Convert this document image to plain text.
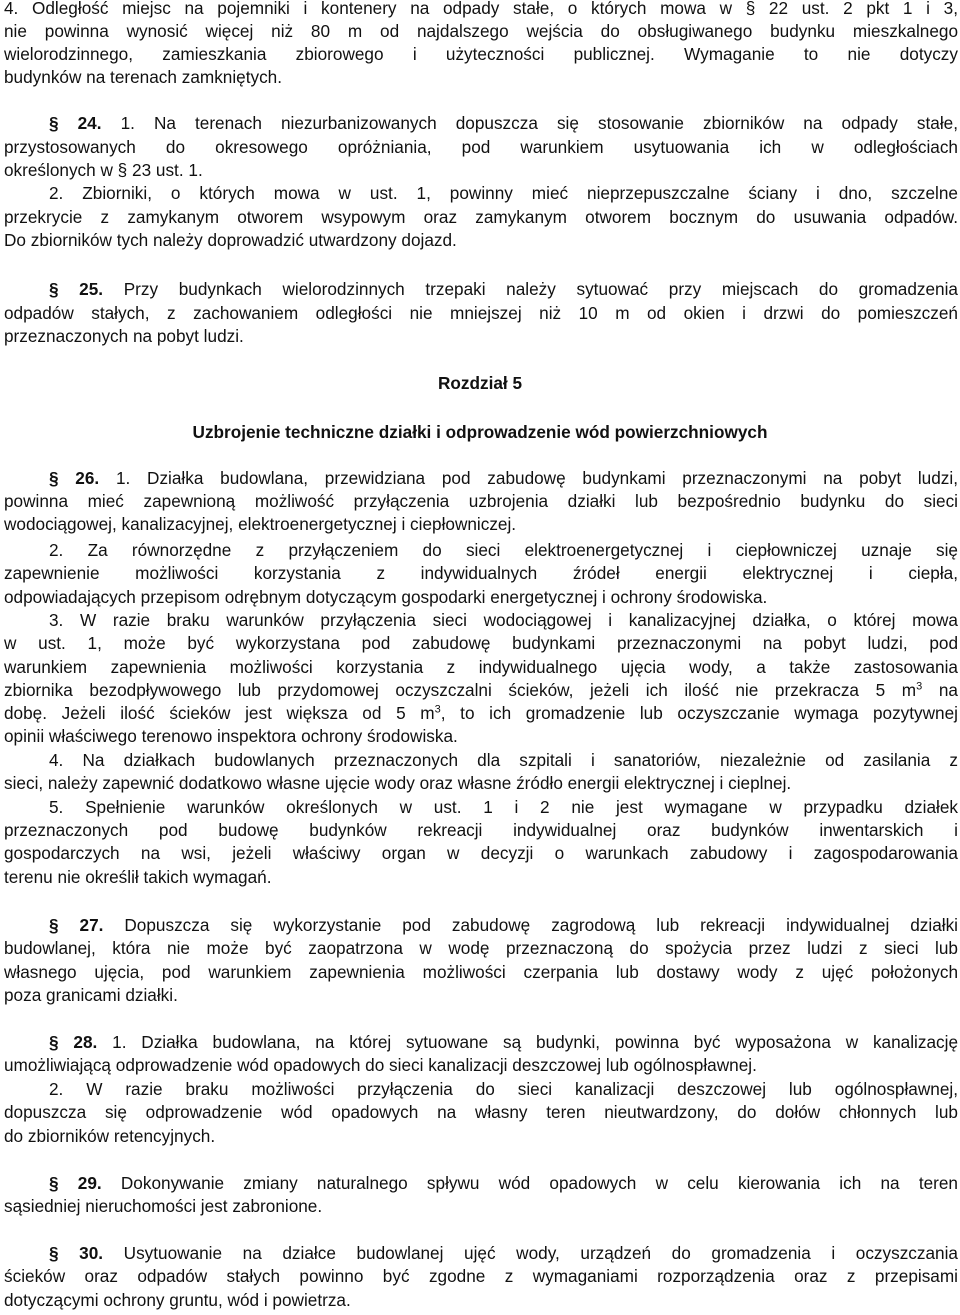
4. Odległość miejsc na pojemniki i kontenery na odpady stałe, o których mowa w § 22 ust. 2 pkt 1 i 3,
nie powinna wynosić więcej niż 80 m od najdalszego wejścia do obsługiwanego budynku mieszkalnego
wielorodzinnego, zamieszkania zbiorowego i użyteczności publicznej. Wymaganie to nie dotyczy
budynków na terenach zamkniętych.
§ 24. 1. Na terenach niezurbanizowanych dopuszcza się stosowanie zbiorników na odpady stałe,
przystosowanych do okresowego opróżniania, pod warunkiem usytuowania ich w odległościach
określonych w § 23 ust. 1.
2. Zbiorniki, o których mowa w ust. 1, powinny mieć nieprzepuszczalne ściany i dno, szczelne
przekrycie z zamykanym otworem wsypowym oraz zamykanym otworem bocznym do usuwania odpadów.
Do zbiorników tych należy doprowadzić utwardzony dojazd.
§ 25. Przy budynkach wielorodzinnych trzepaki należy sytuować przy miejscach do gromadzenia
odpadów stałych, z zachowaniem odległości nie mniejszej niż 10 m od okien i drzwi do pomieszczeń
przeznaczonych na pobyt ludzi.
Rozdział 5
Uzbrojenie techniczne działki i odprowadzenie wód powierzchniowych
§ 26. 1. Działka budowlana, przewidziana pod zabudowę budynkami przeznaczonymi na pobyt ludzi,
powinna mieć zapewnioną możliwość przyłączenia uzbrojenia działki lub bezpośrednio budynku do sieci
wodociągowej, kanalizacyjnej, elektroenergetycznej i ciepłowniczej.
2. Za równorzędne z przyłączeniem do sieci elektroenergetycznej i ciepłowniczej uznaje się
zapewnienie możliwości korzystania z indywidualnych źródeł energii elektrycznej i ciepła,
odpowiadających przepisom odrębnym dotyczącym gospodarki energetycznej i ochrony środowiska.
3. W razie braku warunków przyłączenia sieci wodociągowej i kanalizacyjnej działka, o której mowa
w ust. 1, może być wykorzystana pod zabudowę budynkami przeznaczonymi na pobyt ludzi, pod
warunkiem zapewnienia możliwości korzystania z indywidualnego ujęcia wody, a także zastosowania
zbiornika bezodpływowego lub przydomowej oczyszczalni ścieków, jeżeli ich ilość nie przekracza 5 $m^3$ na
dobę. Jeżeli ilość ścieków jest większa od 5 $m^3$, to ich gromadzenie lub oczyszczanie wymaga pozytywnej
opinii właściwego terenowo inspektora ochrony środowiska.
4. Na działkach budowlanych przeznaczonych dla szpitali i sanatoriów, niezależnie od zasilania z
sieci, należy zapewnić dodatkowo własne ujęcie wody oraz własne źródło energii elektrycznej i cieplnej.
5. Spełnienie warunków określonych w ust. 1 i 2 nie jest wymagane w przypadku działek
przeznaczonych pod budowę budynków rekreacji indywidualnej oraz budynków inwentarskich i
gospodarczych na wsi, jeżeli właściwy organ w decyzji o warunkach zabudowy i zagospodarowania
terenu nie określił takich wymagań.
§ 27. Dopuszcza się wykorzystanie pod zabudowę zagrodową lub rekreacji indywidualnej działki
budowlanej, która nie może być zaopatrzona w wodę przeznaczoną do spożycia przez ludzi z sieci lub
własnego ujęcia, pod warunkiem zapewnienia możliwości czerpania lub dostawy wody z ujęć położonych
poza granicami działki.
§ 28. 1. Działka budowlana, na której sytuowane są budynki, powinna być wyposażona w kanalizację
umożliwiającą odprowadzenie wód opadowych do sieci kanalizacji deszczowej lub ogólnospławnej.
2. W razie braku możliwości przyłączenia do sieci kanalizacji deszczowej lub ogólnospławnej,
dopuszcza się odprowadzenie wód opadowych na własny teren nieutwardzony, do dołów chłonnych lub
do zbiorników retencyjnych.
§ 29. Dokonywanie zmiany naturalnego spływu wód opadowych w celu kierowania ich na teren
sąsiedniej nieruchomości jest zabronione.
§ 30. Usytuowanie na działce budowlanej ujęć wody, urządzeń do gromadzenia i oczyszczania
ścieków oraz odpadów stałych powinno być zgodne z wymaganiami rozporządzenia oraz z przepisami
dotyczącymi ochrony gruntu, wód i powietrza.
